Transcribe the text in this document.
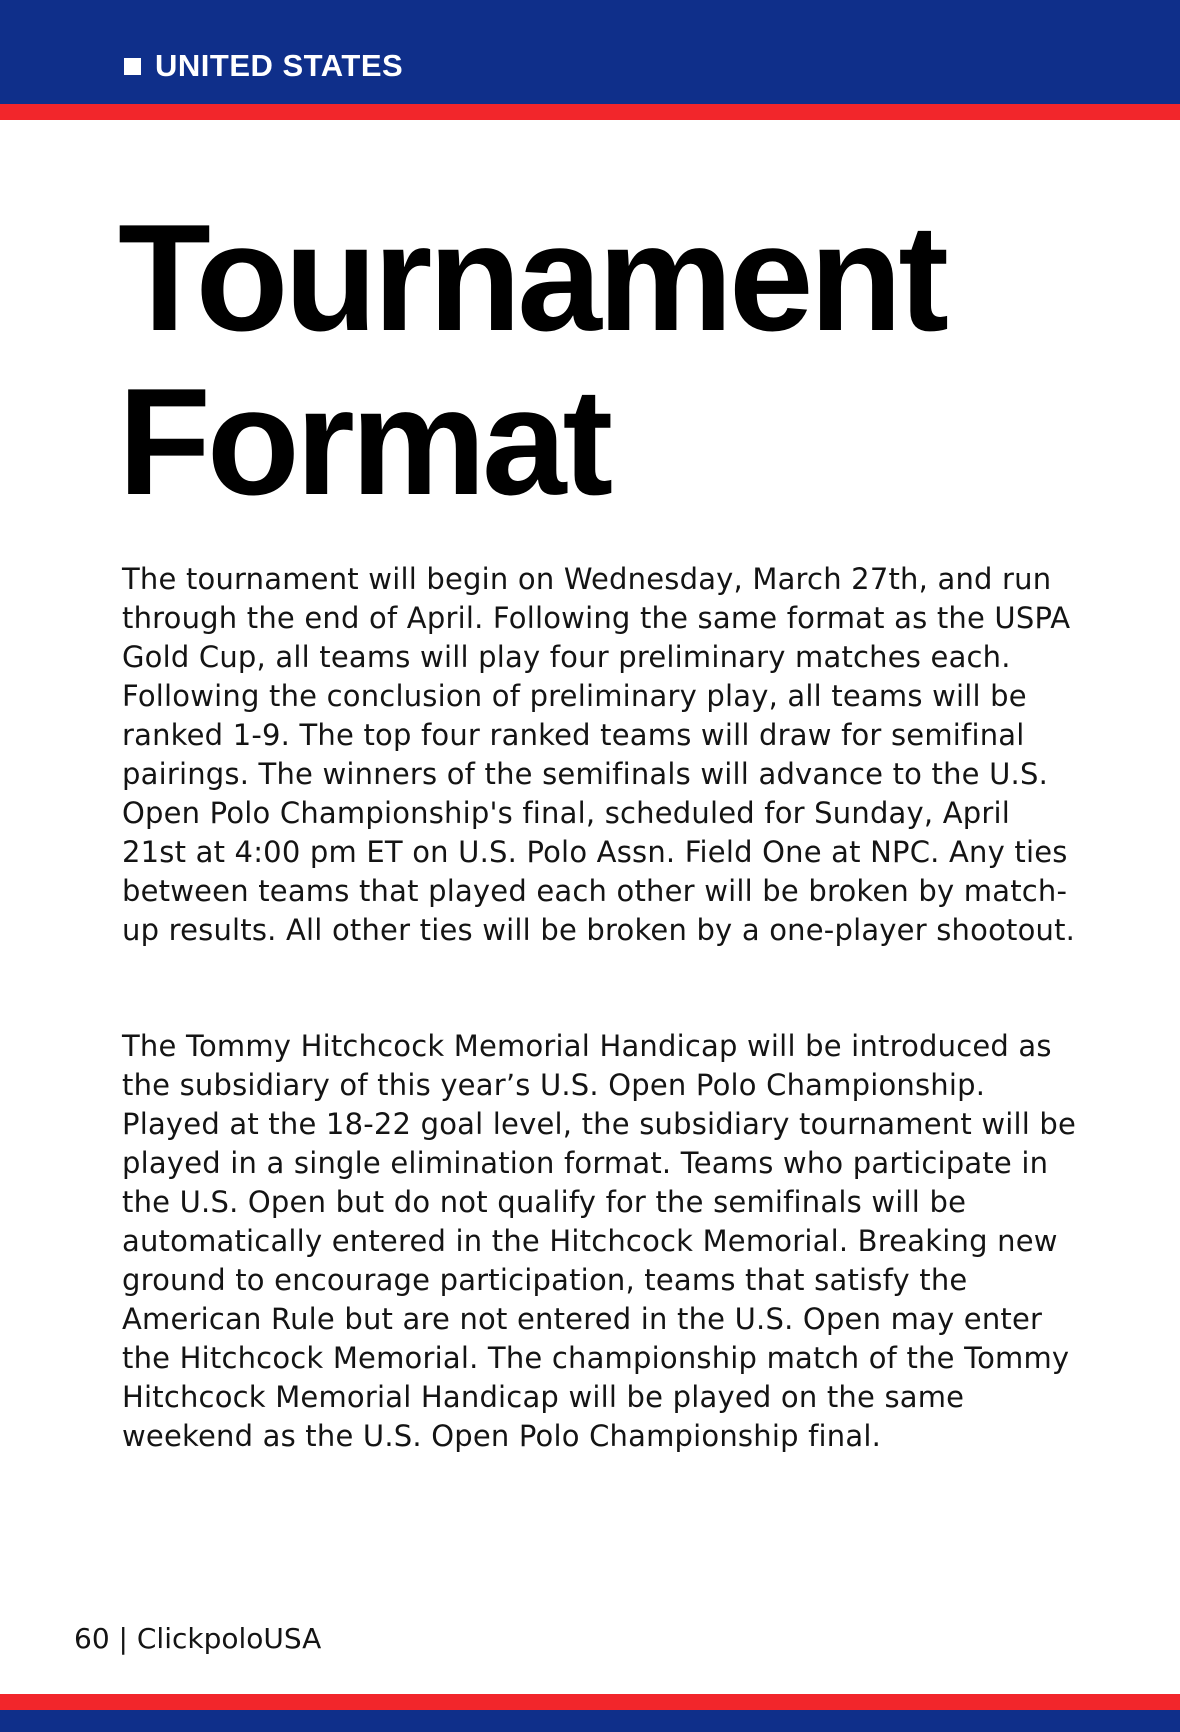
UNITED STATES
Tournament
Format

The tournament will begin on Wednesday, March 27th, and run through the end of April. Following the same format as the USPA Gold Cup, all teams will play four preliminary matches each. Following the conclusion of preliminary play, all teams will be ranked 1-9. The top four ranked teams will draw for semifinal pairings. The winners of the semifinals will advance to the U.S. Open Polo Championship's final, scheduled for Sunday, April 21st at 4:00 pm ET on U.S. Polo Assn. Field One at NPC. Any ties between teams that played each other will be broken by match-up results. All other ties will be broken by a one-player shootout.

The Tommy Hitchcock Memorial Handicap will be introduced as the subsidiary of this year’s U.S. Open Polo Championship. Played at the 18-22 goal level, the subsidiary tournament will be played in a single elimination format. Teams who participate in the U.S. Open but do not qualify for the semifinals will be automatically entered in the Hitchcock Memorial. Breaking new ground to encourage participation, teams that satisfy the American Rule but are not entered in the U.S. Open may enter the Hitchcock Memorial. The championship match of the Tommy Hitchcock Memorial Handicap will be played on the same weekend as the U.S. Open Polo Championship final.

60 | ClickpoloUSA
